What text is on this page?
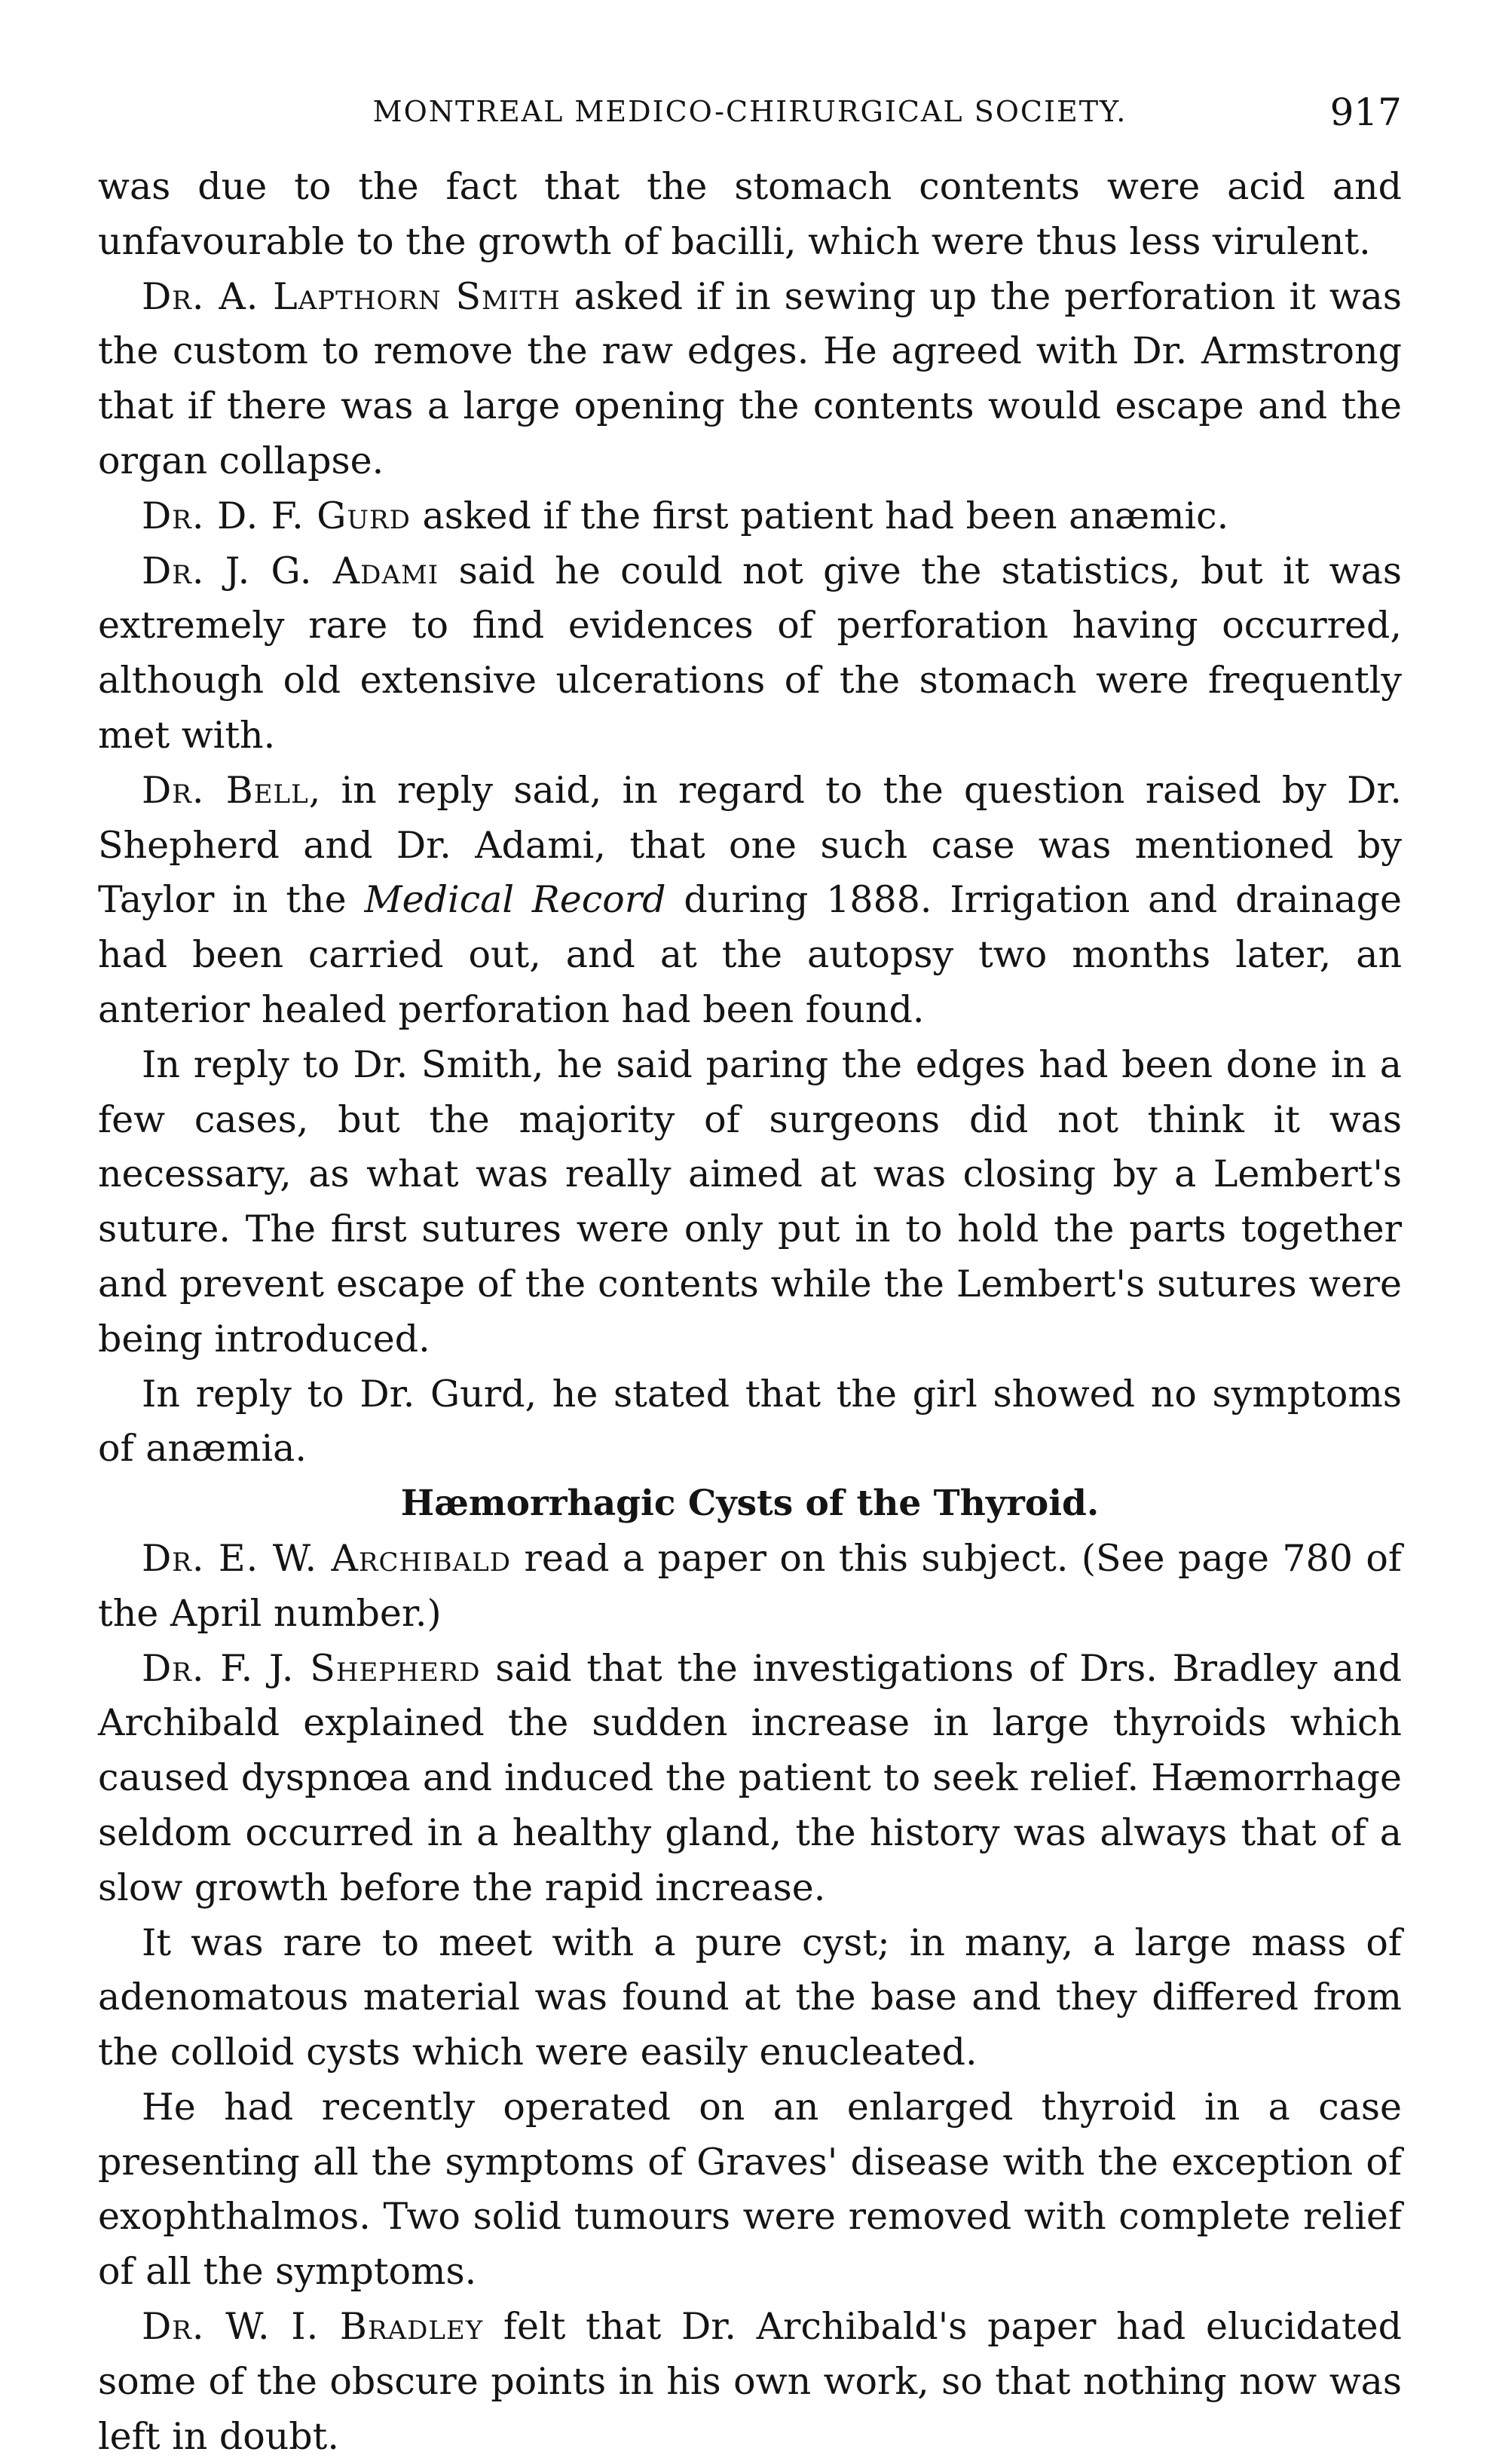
MONTREAL MEDICO-CHIRURGICAL SOCIETY.	917

was due to the fact that the stomach contents were acid and unfavourable to the growth of bacilli, which were thus less virulent.

Dr. A. Lapthorn Smith asked if in sewing up the perforation it was the custom to remove the raw edges. He agreed with Dr. Armstrong that if there was a large opening the contents would escape and the organ collapse.

Dr. D. F. Gurd asked if the first patient had been anæmic.

Dr. J. G. Adami said he could not give the statistics, but it was extremely rare to find evidences of perforation having occurred, although old extensive ulcerations of the stomach were frequently met with.

Dr. Bell, in reply said, in regard to the question raised by Dr. Shepherd and Dr. Adami, that one such case was mentioned by Taylor in the Medical Record during 1888. Irrigation and drainage had been carried out, and at the autopsy two months later, an anterior healed perforation had been found.

In reply to Dr. Smith, he said paring the edges had been done in a few cases, but the majority of surgeons did not think it was necessary, as what was really aimed at was closing by a Lembert's suture. The first sutures were only put in to hold the parts together and prevent escape of the contents while the Lembert's sutures were being introduced.

In reply to Dr. Gurd, he stated that the girl showed no symptoms of anæmia.

Hæmorrhagic Cysts of the Thyroid.

Dr. E. W. Archibald read a paper on this subject. (See page 780 of the April number.)

Dr. F. J. Shepherd said that the investigations of Drs. Bradley and Archibald explained the sudden increase in large thyroids which caused dyspnœa and induced the patient to seek relief. Hæmorrhage seldom occurred in a healthy gland, the history was always that of a slow growth before the rapid increase.

It was rare to meet with a pure cyst; in many, a large mass of adenomatous material was found at the base and they differed from the colloid cysts which were easily enucleated.

He had recently operated on an enlarged thyroid in a case presenting all the symptoms of Graves' disease with the exception of exophthalmos. Two solid tumours were removed with complete relief of all the symptoms.

Dr. W. I. Bradley felt that Dr. Archibald's paper had elucidated some of the obscure points in his own work, so that nothing now was left in doubt.
